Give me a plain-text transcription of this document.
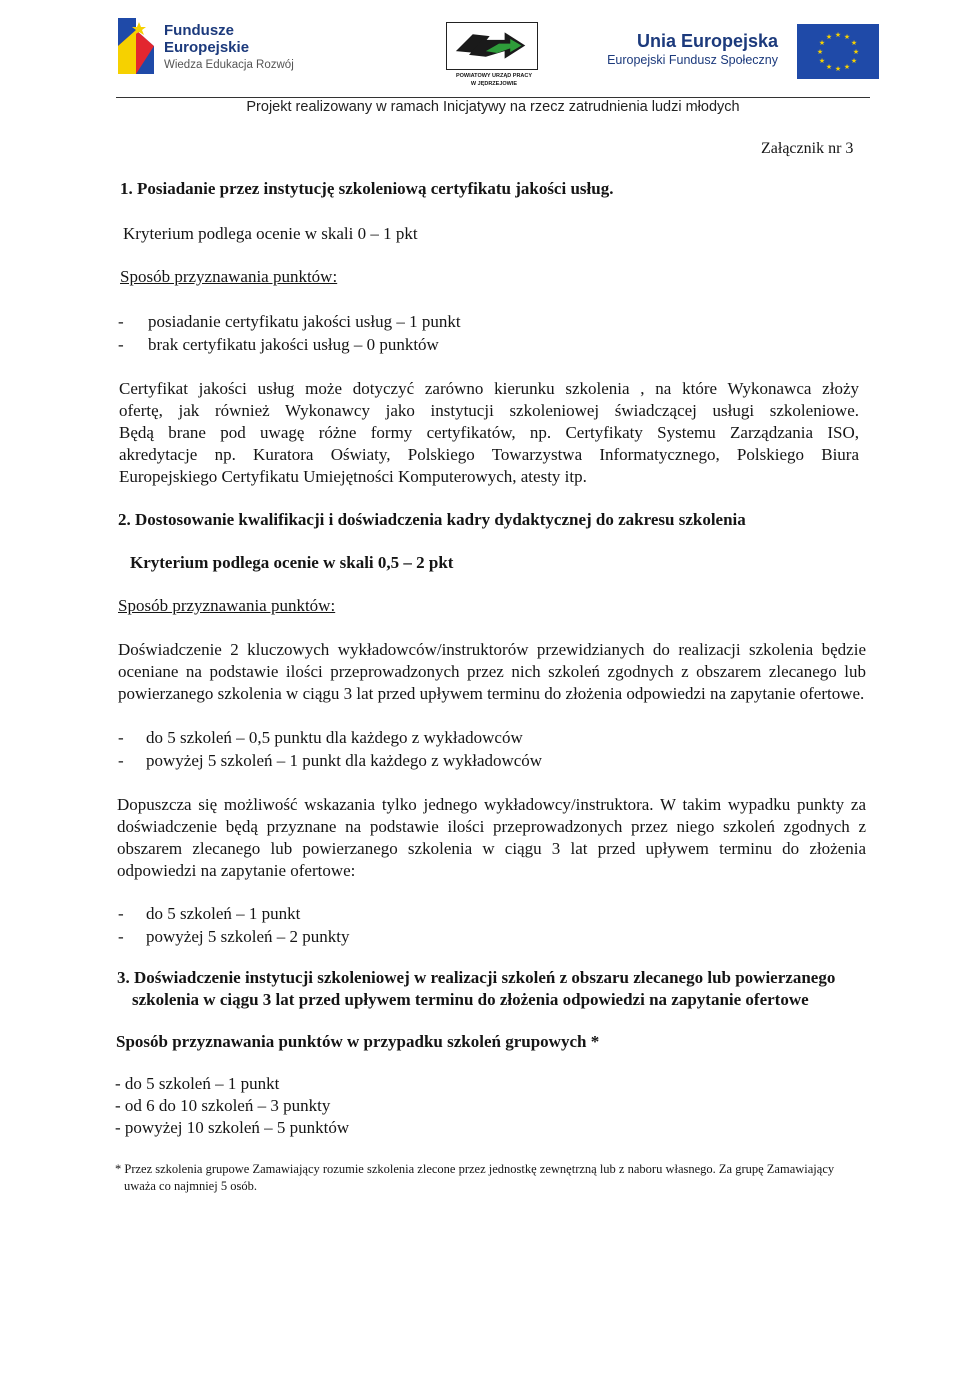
Fundusze
Europejskie
Wiedza Edukacja Rozwój
POWIATOWY URZĄD PRACY
W JĘDRZEJOWIE
Unia Europejska
Europejski Fundusz Społeczny
★ ★
★
★
★
★
★
★
★
★
★
★
Projekt realizowany w ramach Inicjatywy na rzecz zatrudnienia ludzi młodych
Załącznik nr 3
1. Posiadanie przez instytucję szkoleniową certyfikatu jakości usług.
Kryterium podlega ocenie w skali 0 – 1 pkt
Sposób przyznawania punktów:
- posiadanie certyfikatu jakości usług – 1 punkt
- brak certyfikatu jakości usług – 0 punktów
Certyfikat jakości usług może dotyczyć zarówno kierunku szkolenia , na które Wykonawca złoży
ofertę, jak również Wykonawcy jako instytucji szkoleniowej świadczącej usługi szkoleniowe.
Będą brane pod uwagę różne formy certyfikatów, np. Certyfikaty Systemu Zarządzania ISO,
akredytacje np. Kuratora Oświaty, Polskiego Towarzystwa Informatycznego, Polskiego Biura
Europejskiego Certyfikatu Umiejętności Komputerowych, atesty itp.
2. Dostosowanie kwalifikacji i doświadczenia kadry dydaktycznej do zakresu szkolenia
Kryterium podlega ocenie w skali 0,5 – 2 pkt
Sposób przyznawania punktów:
Doświadczenie 2 kluczowych wykładowców/instruktorów przewidzianych do realizacji szkolenia będzie
oceniane na podstawie ilości przeprowadzonych przez nich szkoleń zgodnych z obszarem zlecanego lub
powierzanego szkolenia w ciągu 3 lat przed upływem terminu do złożenia odpowiedzi na zapytanie ofertowe.
- do 5 szkoleń – 0,5 punktu dla każdego z wykładowców
- powyżej 5 szkoleń – 1 punkt dla każdego z wykładowców
Dopuszcza się możliwość wskazania tylko jednego wykładowcy/instruktora. W takim wypadku punkty za
doświadczenie będą przyznane na podstawie ilości przeprowadzonych przez niego szkoleń zgodnych z
obszarem zlecanego lub powierzanego szkolenia w ciągu 3 lat przed upływem terminu do złożenia
odpowiedzi na zapytanie ofertowe:
- do 5 szkoleń – 1 punkt
- powyżej 5 szkoleń – 2 punkty
3. Doświadczenie instytucji szkoleniowej w realizacji szkoleń z obszaru zlecanego lub powierzanego
szkolenia w ciągu 3 lat przed upływem terminu do złożenia odpowiedzi na zapytanie ofertowe
Sposób przyznawania punktów w przypadku szkoleń grupowych *
- do 5 szkoleń – 1 punkt
- od 6 do 10 szkoleń – 3 punkty
- powyżej 10 szkoleń – 5 punktów
* Przez szkolenia grupowe Zamawiający rozumie szkolenia zlecone przez jednostkę zewnętrzną lub z naboru własnego. Za grupę Zamawiający
uważa co najmniej 5 osób.
